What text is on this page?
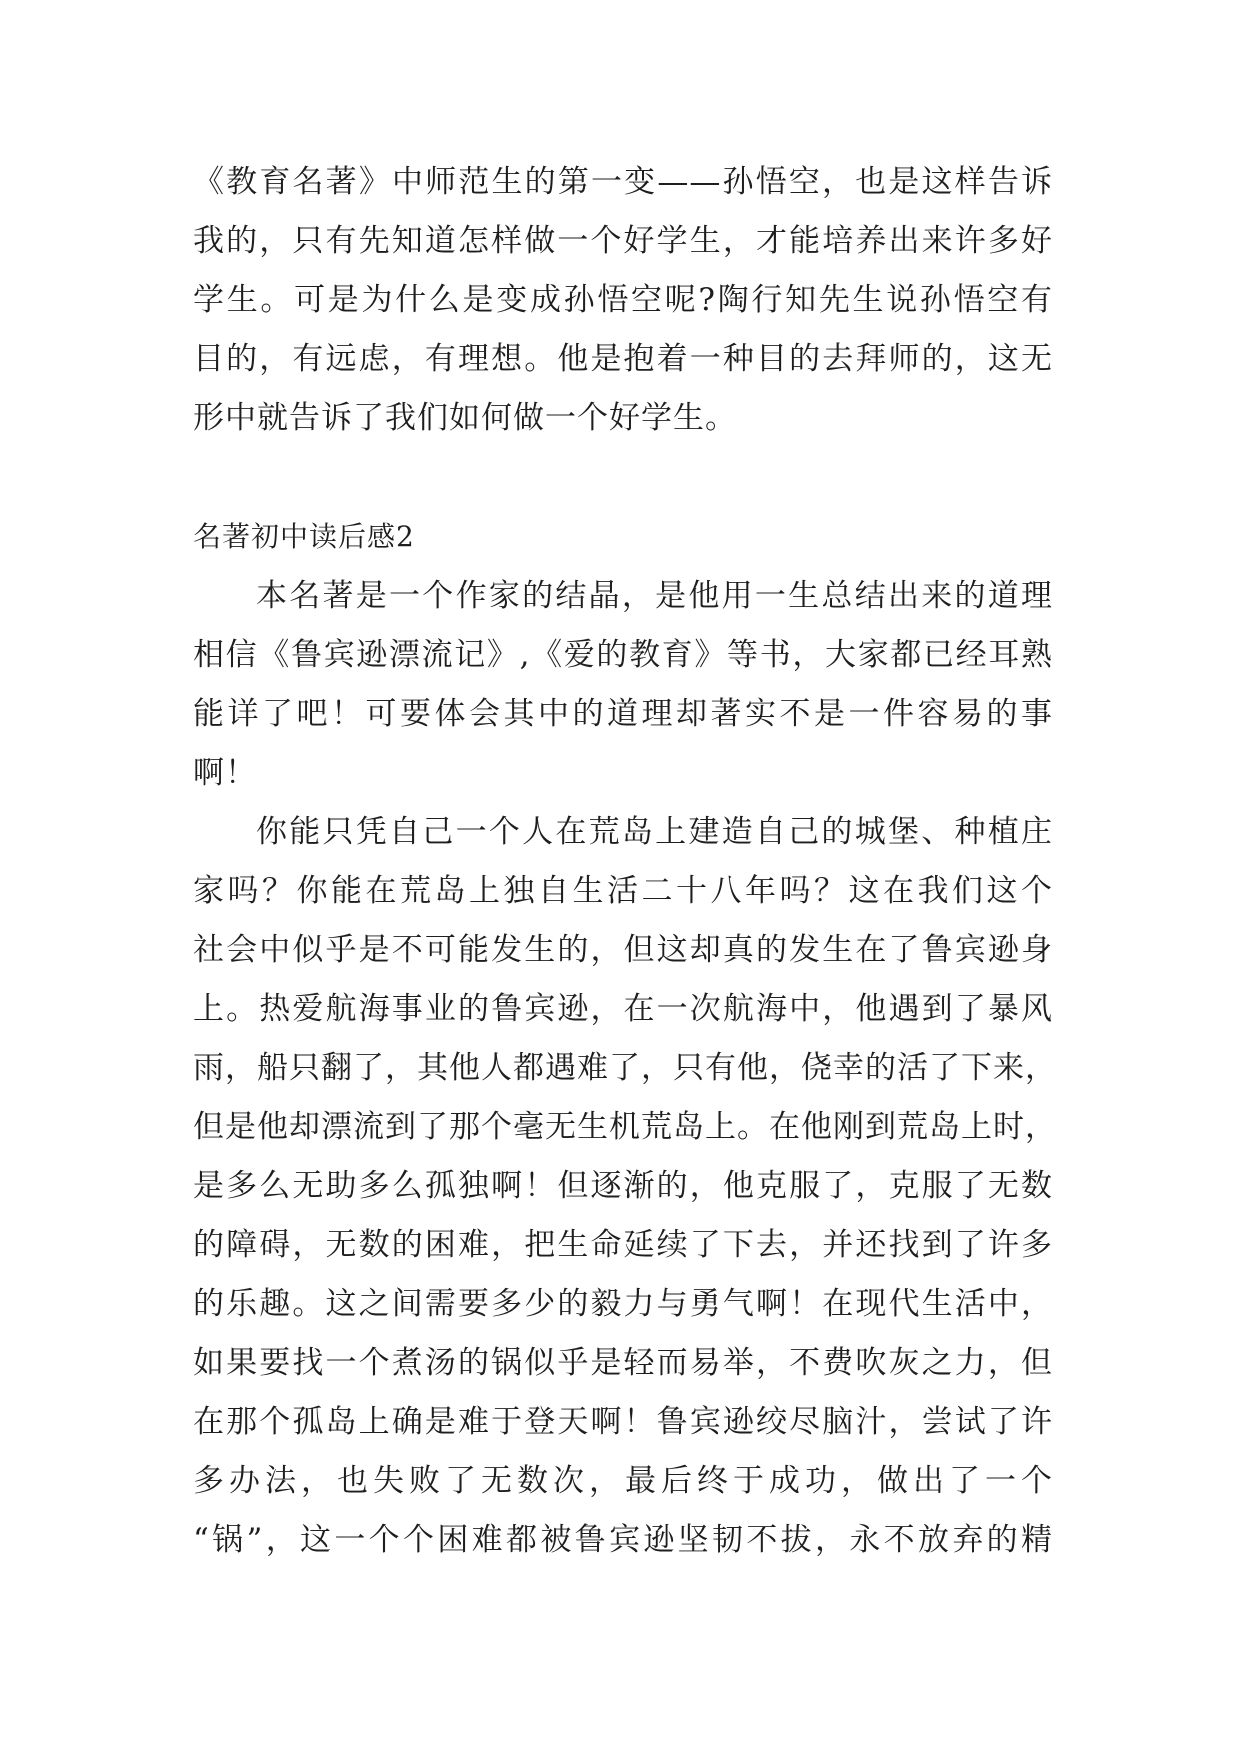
《教育名著》中师范生的第一变——孙悟空，也是这样告诉
我的，只有先知道怎样做一个好学生，才能培养出来许多好
学生。可是为什么是变成孙悟空呢?陶行知先生说孙悟空有
目的，有远虑，有理想。他是抱着一种目的去拜师的，这无
形中就告诉了我们如何做一个好学生。
名著初中读后感2
本名著是一个作家的结晶，是他用一生总结出来的道理
相信《鲁宾逊漂流记》,《爱的教育》等书，大家都已经耳熟
能详了吧！可要体会其中的道理却著实不是一件容易的事
啊！
你能只凭自己一个人在荒岛上建造自己的城堡、种植庄
家吗？你能在荒岛上独自生活二十八年吗？这在我们这个
社会中似乎是不可能发生的，但这却真的发生在了鲁宾逊身
上。热爱航海事业的鲁宾逊，在一次航海中，他遇到了暴风
雨，船只翻了，其他人都遇难了，只有他，侥幸的活了下来，
但是他却漂流到了那个毫无生机荒岛上。在他刚到荒岛上时，
是多么无助多么孤独啊！但逐渐的，他克服了，克服了无数
的障碍，无数的困难，把生命延续了下去，并还找到了许多
的乐趣。这之间需要多少的毅力与勇气啊！在现代生活中，
如果要找一个煮汤的锅似乎是轻而易举，不费吹灰之力，但
在那个孤岛上确是难于登天啊！鲁宾逊绞尽脑汁，尝试了许
多办法，也失败了无数次，最后终于成功，做出了一个
“锅”，这一个个困难都被鲁宾逊坚韧不拔，永不放弃的精
